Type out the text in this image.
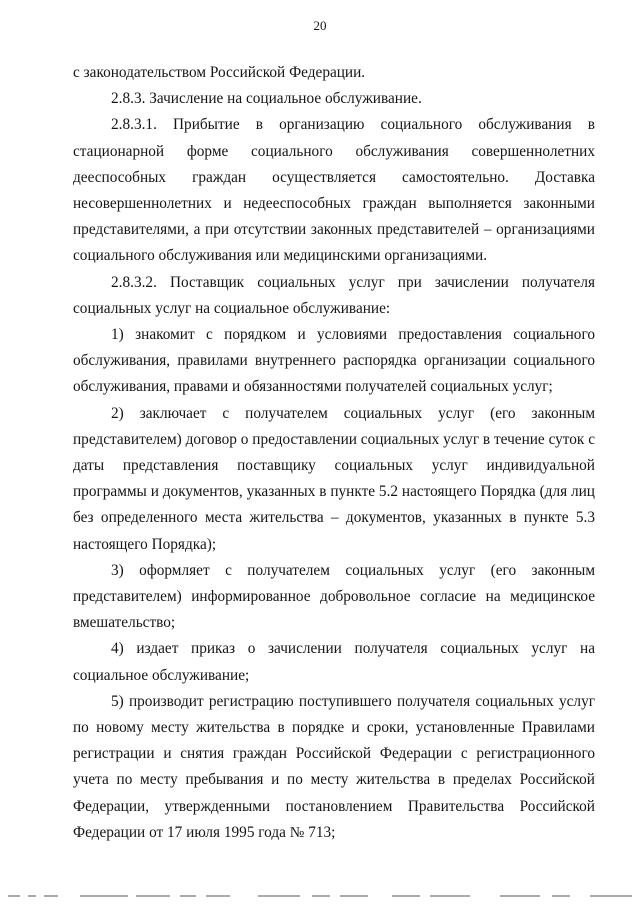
20

с законодательством Российской Федерации.

2.8.3. Зачисление на социальное обслуживание.

2.8.3.1. Прибытие в организацию социального обслуживания в стационарной форме социального обслуживания совершеннолетних дееспособных граждан осуществляется самостоятельно. Доставка несовершеннолетних и недееспособных граждан выполняется законными представителями, а при отсутствии законных представителей – организациями социального обслуживания или медицинскими организациями.

2.8.3.2. Поставщик социальных услуг при зачислении получателя социальных услуг на социальное обслуживание:

1) знакомит с порядком и условиями предоставления социального обслуживания, правилами внутреннего распорядка организации социального обслуживания, правами и обязанностями получателей социальных услуг;

2) заключает с получателем социальных услуг (его законным представителем) договор о предоставлении социальных услуг в течение суток с даты представления поставщику социальных услуг индивидуальной программы и документов, указанных в пункте 5.2 настоящего Порядка (для лиц без определенного места жительства – документов, указанных в пункте 5.3 настоящего Порядка);

3) оформляет с получателем социальных услуг (его законным представителем) информированное добровольное согласие на медицинское вмешательство;

4) издает приказ о зачислении получателя социальных услуг на социальное обслуживание;

5) производит регистрацию поступившего получателя социальных услуг по новому месту жительства в порядке и сроки, установленные Правилами регистрации и снятия граждан Российской Федерации с регистрационного учета по месту пребывания и по месту жительства в пределах Российской Федерации, утвержденными постановлением Правительства Российской Федерации от 17 июля 1995 года № 713;
